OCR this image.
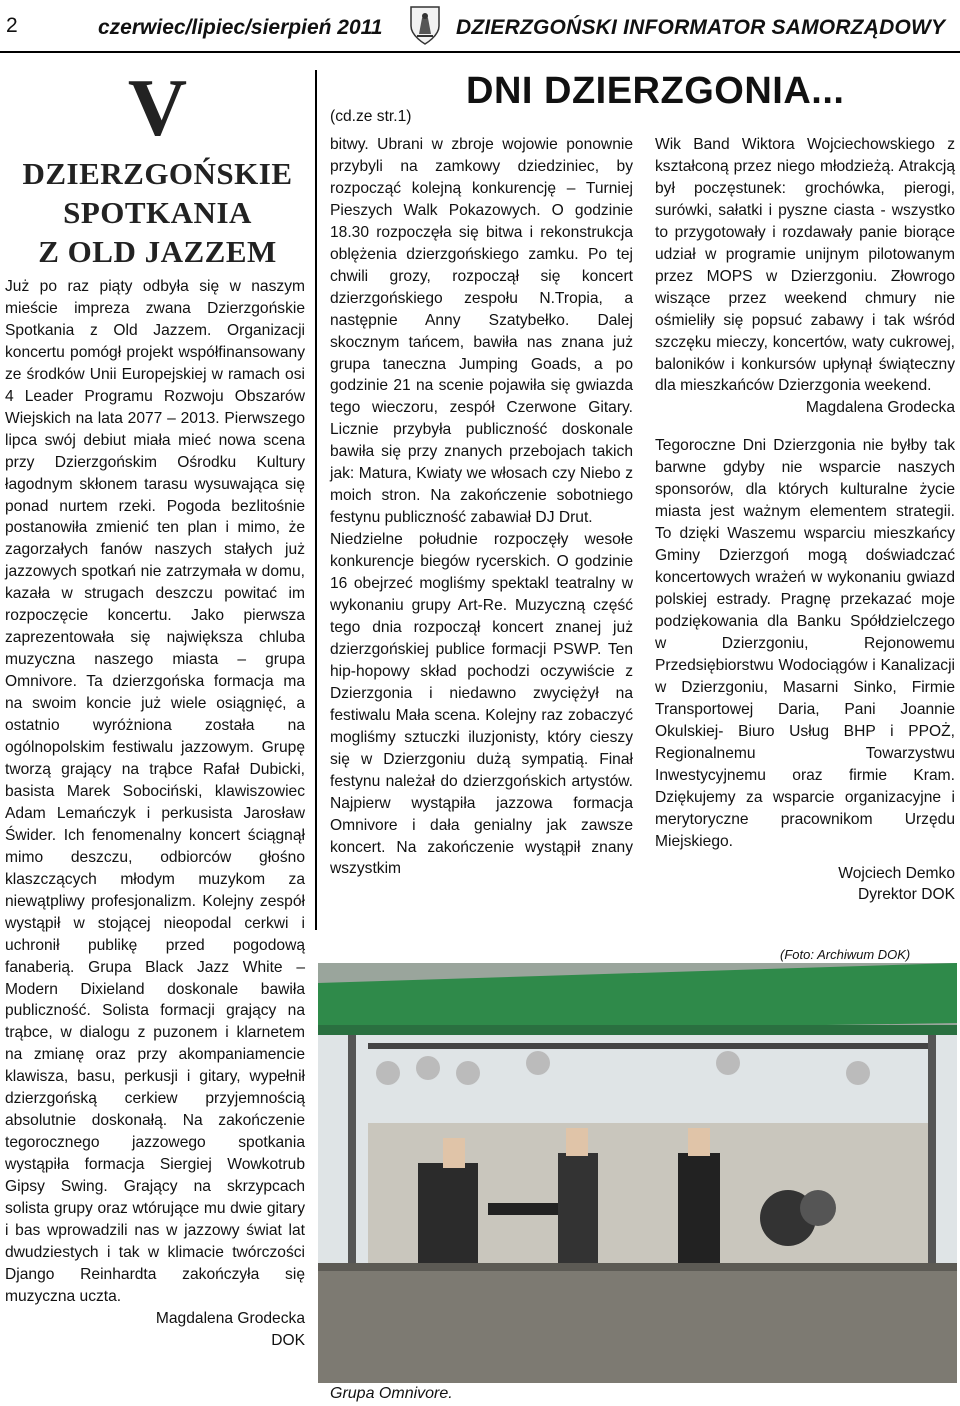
2	czerwiec/lipiec/sierpień 2011	DZIERZGOŃSKI INFORMATOR SAMORZĄDOWY
V
DZIERZGOŃSKIE
SPOTKANIA
Z OLD JAZZEM

Już po raz piąty odbyła się w naszym mieście impreza zwana Dzierzgońskie Spotkania z Old Jazzem. Organizacji koncertu pomógł projekt współfinansowany ze środków Unii Europejskiej w ramach osi 4 Leader Programu Rozwoju Obszarów Wiejskich na lata 2077 – 2013. Pierwszego lipca swój debiut miała mieć nowa scena przy Dzierzgońskim Ośrodku Kultury łagodnym skłonem tarasu wysuwająca się ponad nurtem rzeki. Pogoda bezlitośnie postanowiła zmienić ten plan i mimo, że zagorzałych fanów naszych stałych już jazzowych spotkań nie zatrzymała w domu, kazała w strugach deszczu powitać im rozpoczęcie koncertu. Jako pierwsza zaprezentowała się największa chluba muzyczna naszego miasta – grupa Omnivore. Ta dzierzgońska formacja ma na swoim koncie już wiele osiągnięć, a ostatnio wyróżniona została na ogólnopolskim festiwalu jazzowym. Grupę tworzą grający na trąbce Rafał Dubicki, basista Marek Sobociński, klawiszowiec Adam Lemańczyk i perkusista Jarosław Świder. Ich fenomenalny koncert ściągnął mimo deszczu, odbiorców głośno klaszczących młodym muzykom za niewątpliwy profesjonalizm. Kolejny zespół wystąpił w stojącej nieopodal cerkwi i uchronił publikę przed pogodową fanaberią. Grupa Black Jazz White – Modern Dixieland doskonale bawiła publiczność. Solista formacji grający na trąbce, w dialogu z puzonem i klarnetem na zmianę oraz przy akompaniamencie klawisza, basu, perkusji i gitary, wypełnił dzierzgońską cerkiew przyjemnością absolutnie doskonałą. Na zakończenie tegorocznego jazzowego spotkania wystąpiła formacja Siergiej Wowkotrub Gipsy Swing. Grający na skrzypcach solista grupy oraz wtórujące mu dwie gitary i bas wprowadzili nas w jazzowy świat lat dwudziestych i tak w klimacie twórczości Django Reinhardta zakończyła się muzyczna uczta.

Magdalena Grodecka

DOK

DNI DZIERZGONIA...
(cd.ze str.1)

bitwy. Ubrani w zbroje wojowie ponownie przybyli na zamkowy dziedziniec, by rozpocząć kolejną konkurencję – Turniej Pieszych Walk Pokazowych. O godzinie 18.30 rozpoczęła się bitwa i rekonstrukcja oblężenia dzierzgońskiego zamku. Po tej chwili grozy, rozpoczął się koncert dzierzgońskiego zespołu N.Tropia, a następnie Anny Szatybełko. Dalej skocznym tańcem, bawiła nas znana już grupa taneczna Jumping Goads, a po godzinie 21 na scenie pojawiła się gwiazda tego wieczoru, zespół Czerwone Gitary. Licznie przybyła publiczność doskonale bawiła się przy znanych przebojach takich jak: Matura, Kwiaty we włosach czy Niebo z moich stron. Na zakończenie sobotniego festynu publiczność zabawiał DJ Drut.

Niedzielne południe rozpoczęły wesołe konkurencje biegów rycerskich. O godzinie 16 obejrzeć mogliśmy spektakl teatralny w wykonaniu grupy Art-Re. Muzyczną część tego dnia rozpoczął koncert znanej już dzierzgońskiej publice formacji PSWP. Ten hip-hopowy skład pochodzi oczywiście z Dzierzgonia i niedawno zwyciężył na festiwalu Mała scena. Kolejny raz zobaczyć mogliśmy sztuczki iluzjonisty, który cieszy się w Dzierzgoniu dużą sympatią. Finał festynu należał do dzierzgońskich artystów. Najpierw wystąpiła jazzowa formacja Omnivore i dała genialny jak zawsze koncert. Na zakończenie wystąpił znany wszystkim

Wik Band Wiktora Wojciechowskiego z kształconą przez niego młodzieżą. Atrakcją był poczęstunek: grochówka, pierogi, surówki, sałatki i pyszne ciasta - wszystko to przygotowały i rozdawały panie biorące udział w programie unijnym pilotowanym przez MOPS w Dzierzgoniu. Złowrogo wiszące przez weekend chmury nie ośmieliły się popsuć zabawy i tak wśród szczęku mieczy, koncertów, waty cukrowej, baloników i konkursów upłynął świąteczny dla mieszkańców Dzierzgonia weekend.

Magdalena Grodecka

Tegoroczne Dni Dzierzgonia nie byłby tak barwne gdyby nie wsparcie naszych sponsorów, dla których kulturalne życie miasta jest ważnym elementem strategii. To dzięki Waszemu wsparciu mieszkańcy Gminy Dzierzgoń mogą doświadczać koncertowych wrażeń w wykonaniu gwiazd polskiej estrady. Pragnę przekazać moje podziękowania dla Banku Spółdzielczego w Dzierzgoniu, Rejonowemu Przedsiębiorstwu Wodociągów i Kanalizacji w Dzierzgoniu, Masarni Sinko, Firmie Transportowej Daria, Pani Joannie Okulskiej- Biuro Usług BHP i PPOŻ, Regionalnemu Towarzystwu Inwestycyjnemu oraz firmie Kram. Dziękujemy za wsparcie organizacyjne i merytoryczne pracownikom Urzędu Miejskiego.

Wojciech Demko

Dyrektor DOK

(Foto: Archiwum DOK)
Grupa Omnivore.
